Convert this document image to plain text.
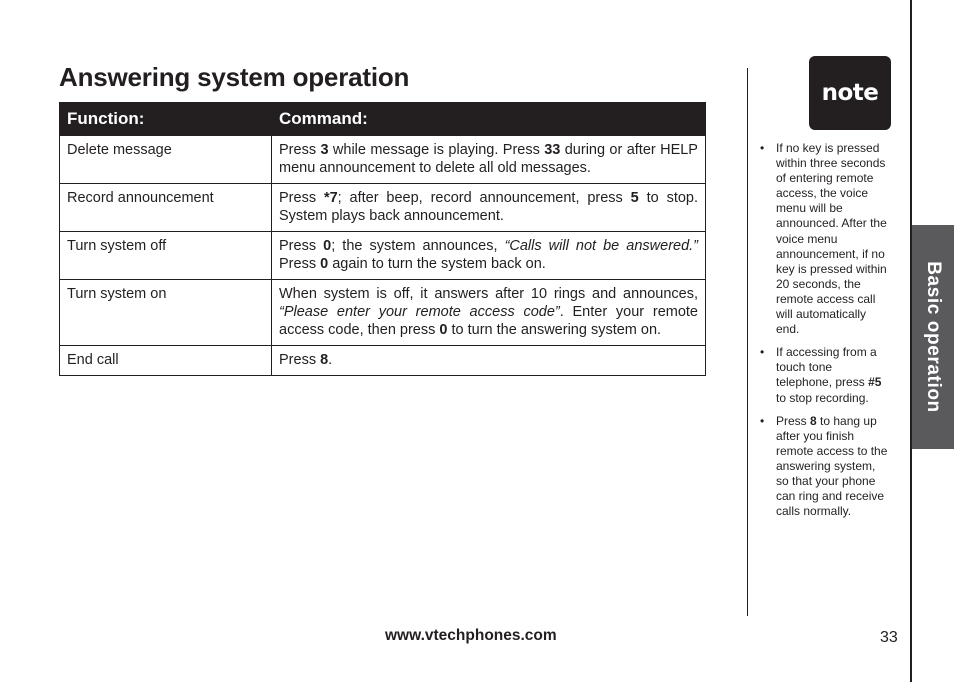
Answering system operation
Function:	Command:
Delete message	Press 3 while message is playing. Press 33 during or after HELP menu announcement to delete all old messages.
Record announcement	Press *7; after beep, record announcement, press 5 to stop. System plays back announcement.
Turn system off	Press 0; the system announces, “Calls will not be answered.” Press 0 again to turn the system back on.
Turn system on	When system is off, it answers after 10 rings and announces, “Please enter your remote access code”. Enter your remote access code, then press 0 to turn the answering system on.
End call	Press 8.
note
• If no key is pressed within three seconds of entering remote access, the voice menu will be announced. After the voice menu announcement, if no key is pressed within 20 seconds, the remote access call will automatically end.
• If accessing from a touch tone telephone, press #5 to stop recording.
• Press 8 to hang up after you finish remote access to the answering system, so that your phone can ring and receive calls normally.
Basic operation
www.vtechphones.com	33
